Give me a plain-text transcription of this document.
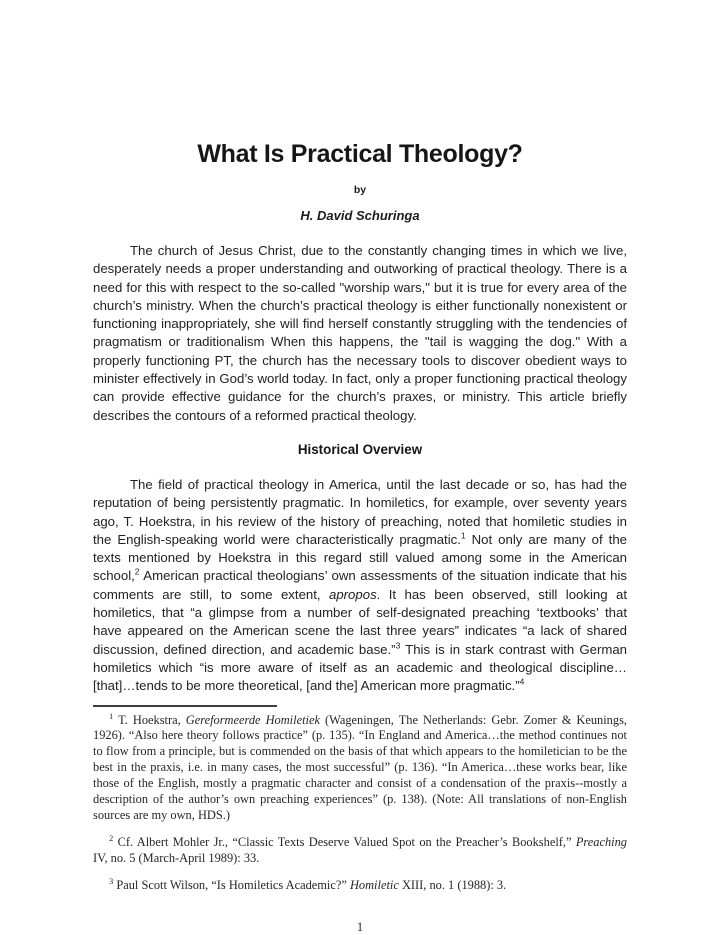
What Is Practical Theology?
by
H. David Schuringa

The church of Jesus Christ, due to the constantly changing times in which we live, desperately needs a proper understanding and outworking of practical theology. There is a need for this with respect to the so-called "worship wars," but it is true for every area of the church’s ministry. When the church’s practical theology is either functionally nonexistent or functioning inappropriately, she will find herself constantly struggling with the tendencies of pragmatism or traditionalism When this happens, the "tail is wagging the dog." With a properly functioning PT, the church has the necessary tools to discover obedient ways to minister effectively in God’s world today. In fact, only a proper functioning practical theology can provide effective guidance for the church’s praxes, or ministry. This article briefly describes the contours of a reformed practical theology.

Historical Overview

The field of practical theology in America, until the last decade or so, has had the reputation of being persistently pragmatic. In homiletics, for example, over seventy years ago, T. Hoekstra, in his review of the history of preaching, noted that homiletic studies in the English-speaking world were characteristically pragmatic.$^1$ Not only are many of the texts mentioned by Hoekstra in this regard still valued among some in the American school,$^2$ American practical theologians’ own assessments of the situation indicate that his comments are still, to some extent, apropos. It has been observed, still looking at homiletics, that “a glimpse from a number of self-designated preaching ‘textbooks’ that have appeared on the American scene the last three years” indicates “a lack of shared discussion, defined direction, and academic base.”$^3$ This is in stark contrast with German homiletics which “is more aware of itself as an academic and theological discipline…[that]…tends to be more theoretical, [and the] American more pragmatic.”$^4$

$^1$ T. Hoekstra, Gereformeerde Homiletiek (Wageningen, The Netherlands: Gebr. Zomer & Keunings, 1926). “Also here theory follows practice” (p. 135). “In England and America…the method continues not to flow from a principle, but is commended on the basis of that which appears to the homiletician to be the best in the praxis, i.e. in many cases, the most successful” (p. 136). “In America…these works bear, like those of the English, mostly a pragmatic character and consist of a condensation of the praxis--mostly a description of the author’s own preaching experiences” (p. 138). (Note: All translations of non-English sources are my own, HDS.)

$^2$ Cf. Albert Mohler Jr., “Classic Texts Deserve Valued Spot on the Preacher’s Bookshelf,” Preaching IV, no. 5 (March-April 1989): 33.

$^3$ Paul Scott Wilson, “Is Homiletics Academic?” Homiletic XIII, no. 1 (1988): 3.

1
